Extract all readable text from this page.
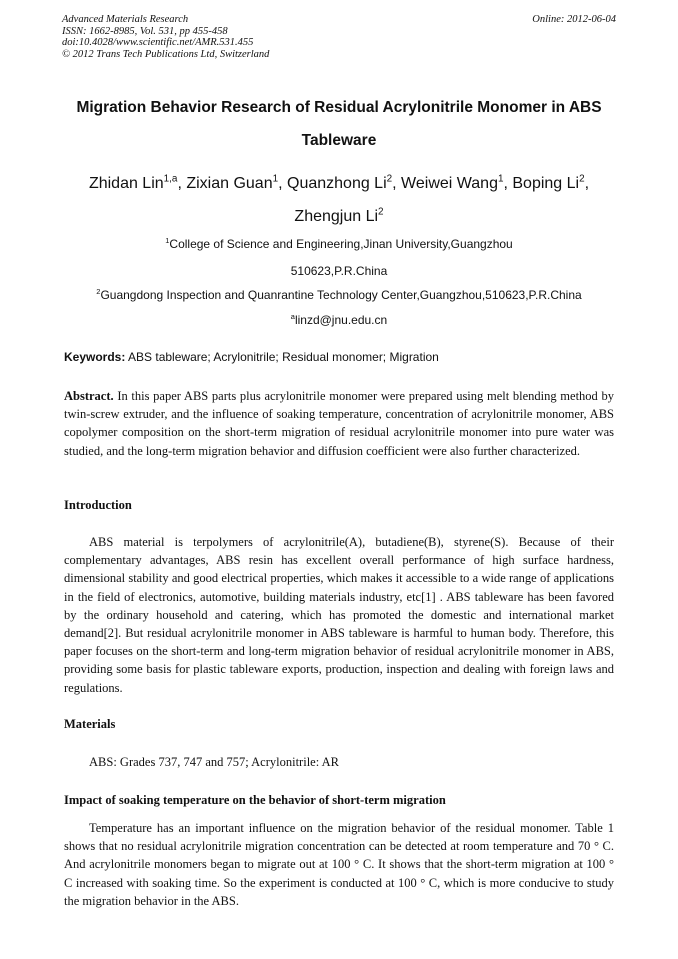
Advanced Materials Research
ISSN: 1662-8985, Vol. 531, pp 455-458
doi:10.4028/www.scientific.net/AMR.531.455
© 2012 Trans Tech Publications Ltd, Switzerland
Online: 2012-06-04
Migration Behavior Research of Residual Acrylonitrile Monomer in ABS
Tableware
Zhidan Lin$^{1,a}$, Zixian Guan$^1$, Quanzhong Li$^2$, Weiwei Wang$^1$, Boping Li$^2$,
Zhengjun Li$^2$
$^1$College of Science and Engineering,Jinan University,Guangzhou
510623,P.R.China
$^2$Guangdong Inspection and Quanrantine Technology Center,Guangzhou,510623,P.R.China
$^a$linzd@jnu.edu.cn
Keywords: ABS tableware; Acrylonitrile; Residual monomer; Migration
Abstract. In this paper ABS parts plus acrylonitrile monomer were prepared using melt blending method by twin-screw extruder, and the influence of soaking temperature, concentration of acrylonitrile monomer, ABS copolymer composition on the short-term migration of residual acrylonitrile monomer into pure water was studied, and the long-term migration behavior and diffusion coefficient were also further characterized.
Introduction
ABS material is terpolymers of acrylonitrile(A), butadiene(B), styrene(S). Because of their complementary advantages, ABS resin has excellent overall performance of high surface hardness, dimensional stability and good electrical properties, which makes it accessible to a wide range of applications in the field of electronics, automotive, building materials industry, etc[1] . ABS tableware has been favored by the ordinary household and catering, which has promoted the domestic and international market demand[2]. But residual acrylonitrile monomer in ABS tableware is harmful to human body. Therefore, this paper focuses on the short-term and long-term migration behavior of residual acrylonitrile monomer in ABS, providing some basis for plastic tableware exports, production, inspection and dealing with foreign laws and regulations.
Materials
ABS: Grades 737, 747 and 757; Acrylonitrile: AR
Impact of soaking temperature on the behavior of short-term migration
Temperature has an important influence on the migration behavior of the residual monomer. Table 1 shows that no residual acrylonitrile migration concentration can be detected at room temperature and 70 ° C. And acrylonitrile monomers began to migrate out at 100 ° C. It shows that the short-term migration at 100 ° C increased with soaking time. So the experiment is conducted at 100 ° C, which is more conducive to study the migration behavior in the ABS.
